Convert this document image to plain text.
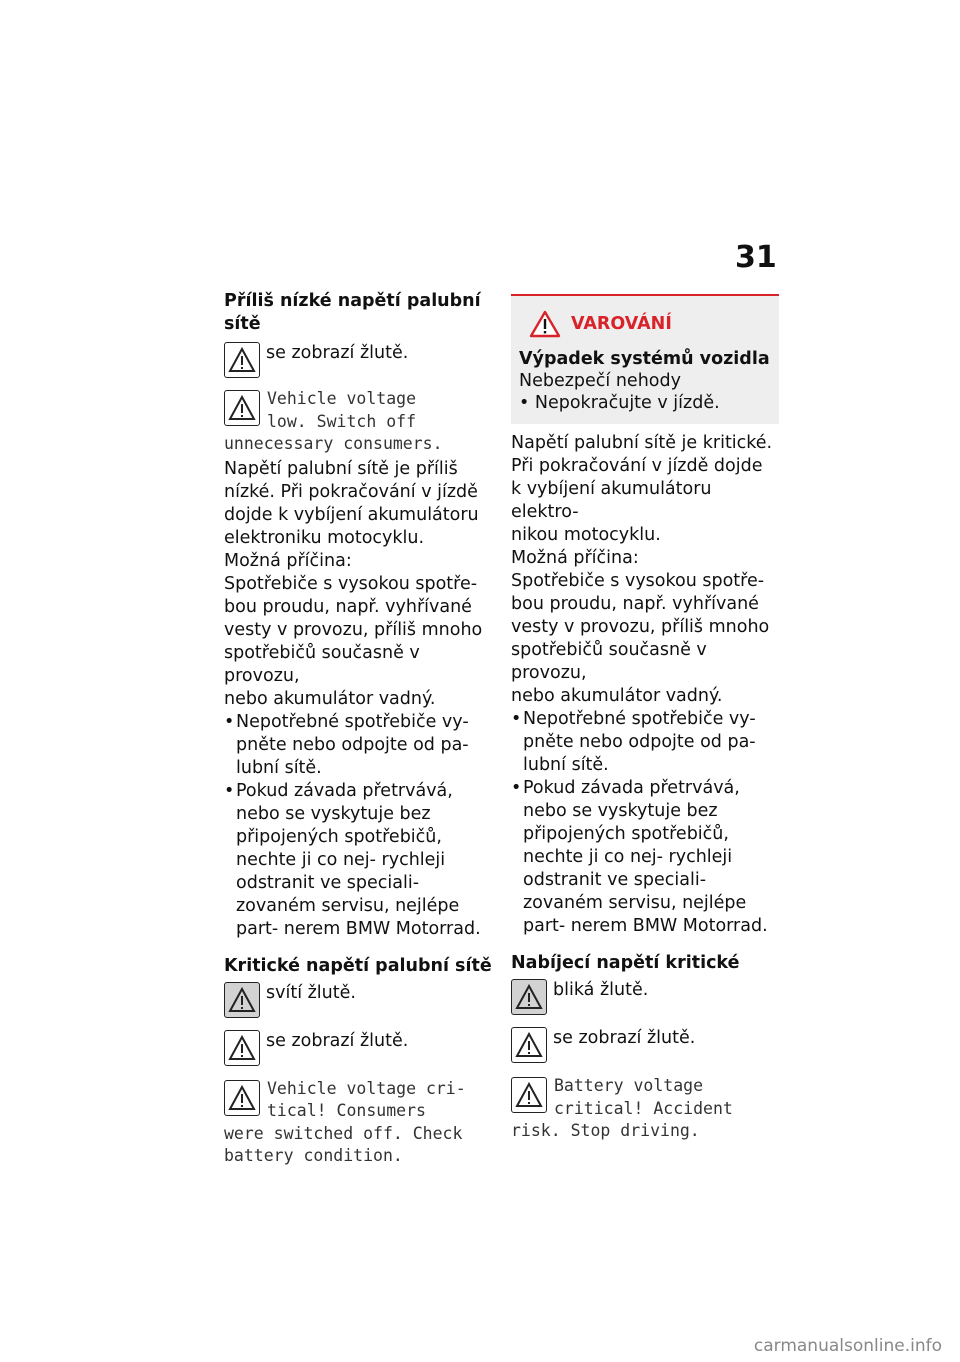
31

Příliš nízké napětí palubní sítě

se zobrazí žlutě.
Vehicle voltage
low. Switch off
unnecessary consumers.

Napětí palubní sítě je příliš

nízké. Při pokračování v jízdě

dojde k vybíjení akumulátoru

elektroniku motocyklu.

Možná příčina:

Spotřebiče s vysokou spotře-

bou proudu, např. vyhřívané

vesty v provozu, příliš mnoho

spotřebičů současně v provozu,

nebo akumulátor vadný.

• Nepotřebné spotřebiče vy- pněte nebo odpojte od pa- lubní sítě.
• Pokud závada přetrvává, nebo se vyskytuje bez připojených spotřebičů, nechte ji co nej- rychleji odstranit ve speciali- zovaném servisu, nejlépe part- nerem BMW Motorrad.

Kritické napětí palubní sítě

svítí žlutě.
se zobrazí žlutě.
Vehicle voltage cri-
tical! Consumers
were switched off. Check
battery condition.
VAROVÁNÍ

Výpadek systémů vozidla

Nebezpečí nehody

• Nepokračujte v jízdě.

Napětí palubní sítě je kritické.

Při pokračování v jízdě dojde

k vybíjení akumulátoru elektro-

nikou motocyklu.

Možná příčina:

Spotřebiče s vysokou spotře-

bou proudu, např. vyhřívané

vesty v provozu, příliš mnoho

spotřebičů současně v provozu,

nebo akumulátor vadný.

• Nepotřebné spotřebiče vy- pněte nebo odpojte od pa- lubní sítě.
• Pokud závada přetrvává, nebo se vyskytuje bez připojených spotřebičů, nechte ji co nej- rychleji odstranit ve speciali- zovaném servisu, nejlépe part- nerem BMW Motorrad.

Nabíjecí napětí kritické

bliká žlutě.
se zobrazí žlutě.
Battery voltage
critical! Accident
risk. Stop driving.
carmanualsonline.info
